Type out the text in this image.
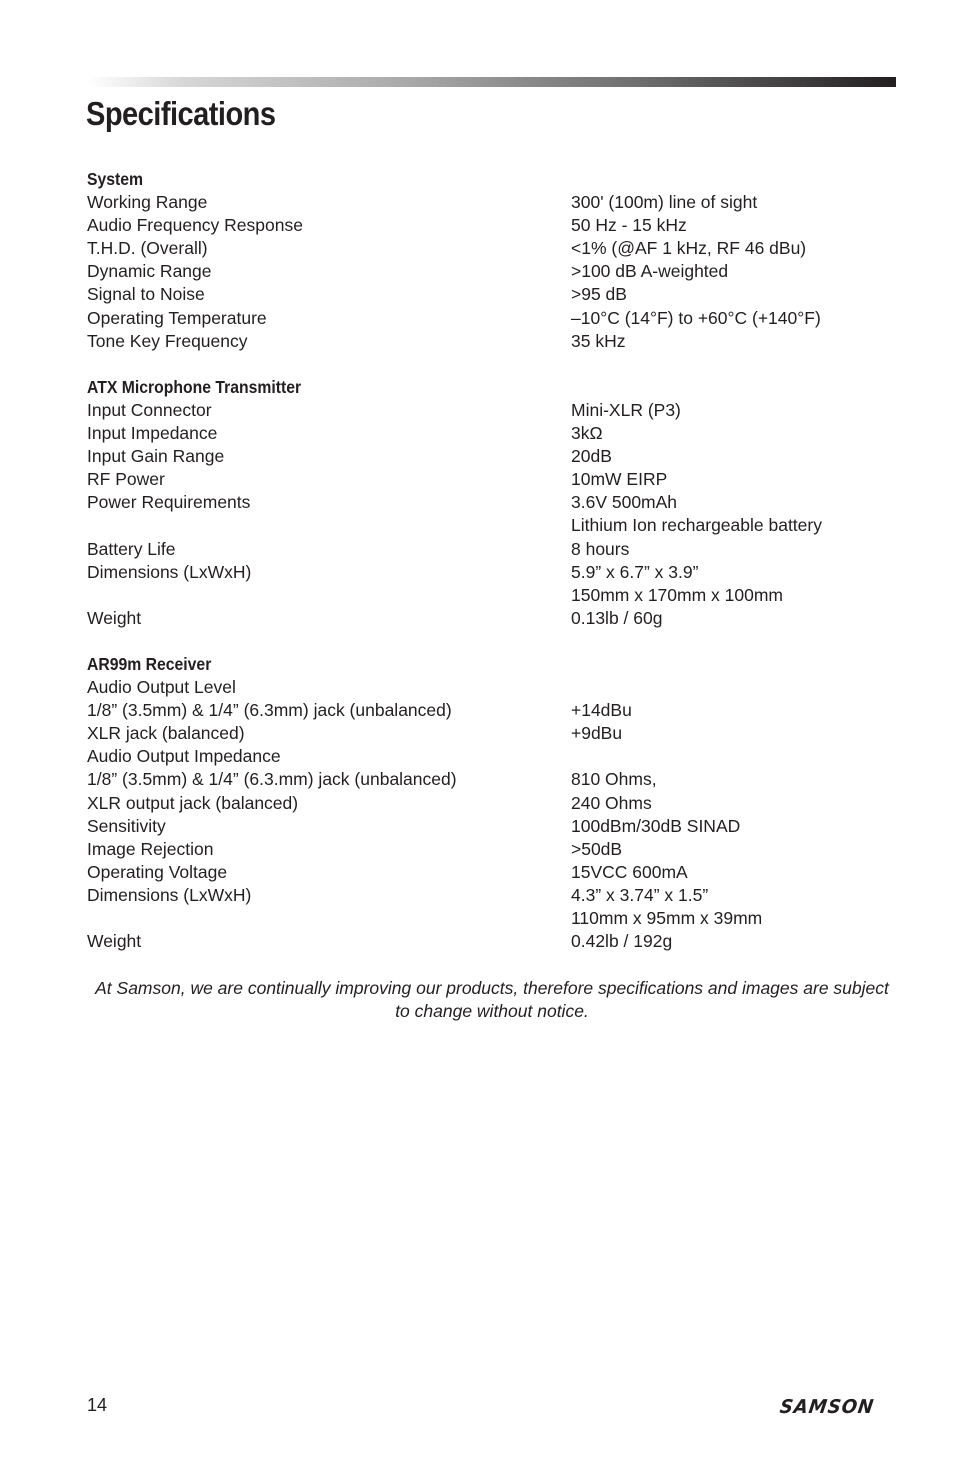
Specifications
System
Working Range	300' (100m) line of sight
Audio Frequency Response	50 Hz - 15 kHz
T.H.D. (Overall)	<1% (@AF 1 kHz, RF 46 dBu)
Dynamic Range	>100 dB A-weighted
Signal to Noise	>95 dB
Operating Temperature	–10°C (14°F) to +60°C (+140°F)
Tone Key Frequency	35 kHz
ATX Microphone Transmitter
Input Connector	Mini-XLR (P3)
Input Impedance	3kΩ
Input Gain Range	20dB
RF Power	10mW EIRP
Power Requirements	3.6V 500mAh
Lithium Ion rechargeable battery
Battery Life	8 hours
Dimensions (LxWxH)	5.9” x 6.7” x 3.9”
150mm x 170mm x 100mm
Weight	0.13lb / 60g
AR99m Receiver
Audio Output Level
1/8” (3.5mm) & 1/4” (6.3mm) jack (unbalanced)	+14dBu
XLR jack (balanced)	+9dBu
Audio Output Impedance
1/8” (3.5mm) & 1/4” (6.3.mm) jack (unbalanced)	810 Ohms,
XLR output jack (balanced)	240 Ohms
Sensitivity	100dBm/30dB SINAD
Image Rejection	>50dB
Operating Voltage	15VCC 600mA
Dimensions (LxWxH)	4.3” x 3.74” x 1.5”
110mm x 95mm x 39mm
Weight	0.42lb / 192g
At Samson, we are continually improving our products, therefore specifications and images are subject to change without notice.
14	SAMSON
